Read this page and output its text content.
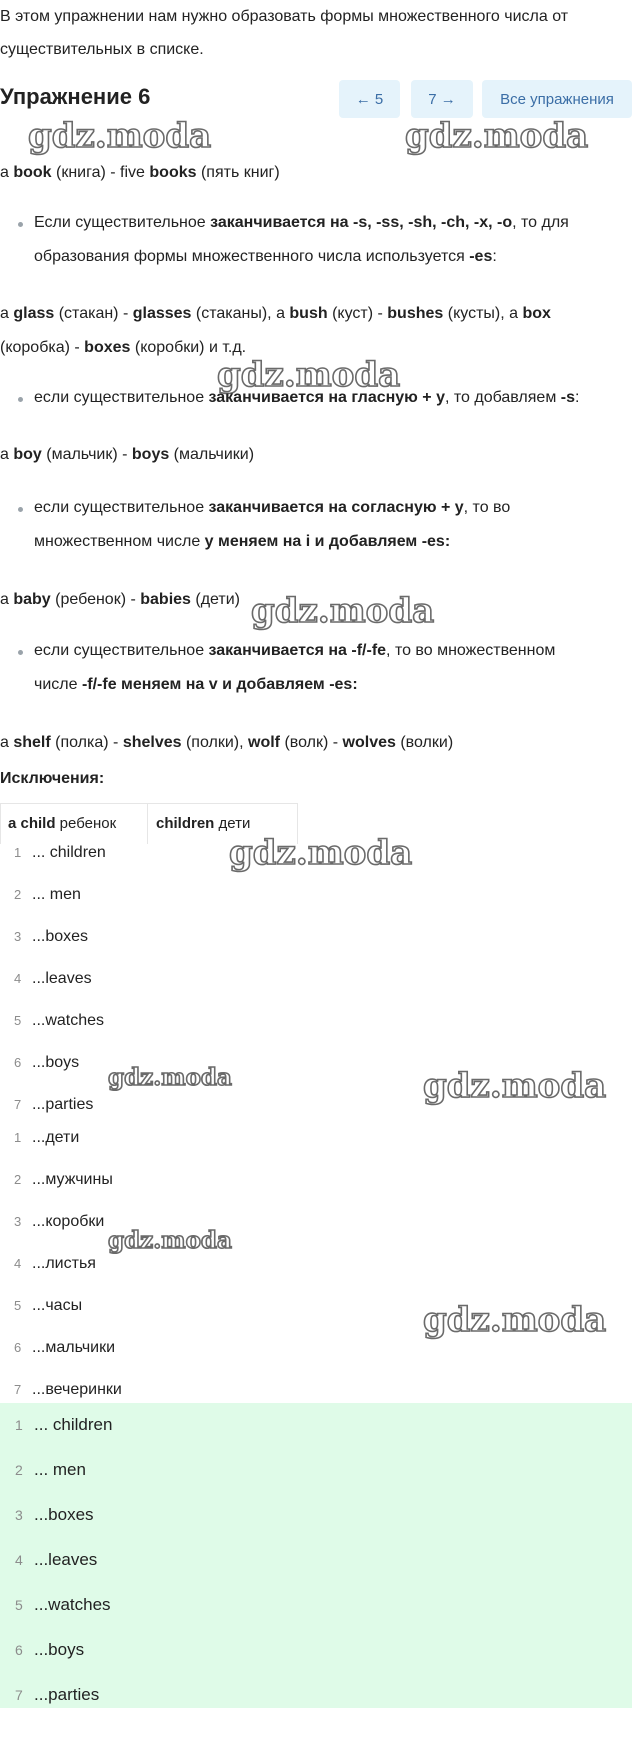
В этом упражнении нам нужно образовать формы множественного числа от
существительных в списке.
Упражнение 6	← 5	7 →	Все упражнения
gdz.moda	gdz.moda
gdz.moda
gdz.moda
gdz.moda
gdz.moda	gdz.moda
gdz.moda
gdz.moda
a book (книга) - five books (пять книг)
Если существительное заканчивается на -s, -ss, -sh, -ch, -x, -o, то для
образования формы множественного числа используется -es:
a glass (стакан) - glasses (стаканы), a bush (куст) - bushes (кусты), a box
(коробка) - boxes (коробки) и т.д.
если существительное заканчивается на гласную + y, то добавляем -s:
a boy (мальчик) - boys (мальчики)
если существительное заканчивается на согласную + y, то во
множественном числе y меняем на i и добавляем -es:
a baby (ребенок) - babies (дети)
если существительное заканчивается на -f/-fe, то во множественном
числе -f/-fe меняем на v и добавляем -es:
a shelf (полка) - shelves (полки), wolf (волк) - wolves (волки)
Исключения:
a child ребенок	children дети
1 ... children
2 ... men
3 ...boxes
4 ...leaves
5 ...watches
6 ...boys
7 ...parties
1 ...дети
2 ...мужчины
3 ...коробки
4 ...листья
5 ...часы
6 ...мальчики
7 ...вечеринки
1 ... children
2 ... men
3 ...boxes
4 ...leaves
5 ...watches
6 ...boys
7 ...parties
